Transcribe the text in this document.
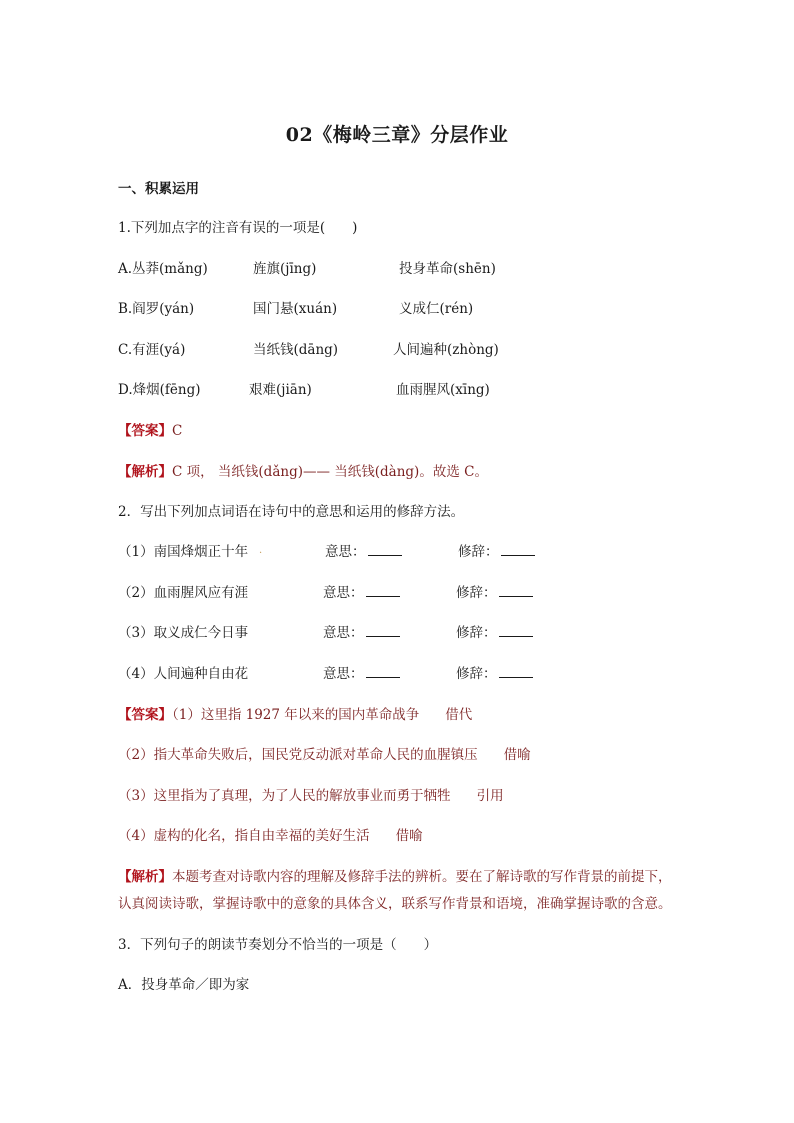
02《梅岭三章》分层作业
一、积累运用
1.下列加点字的注音有误的一项是(　　)
A.丛莽(mǎng)	旌旗(jīng)	投身革命(shēn)
B.阎罗(yán)	国门悬(xuán)	义成仁(rén)
C.有涯(yá)	当纸钱(dāng)	人间遍种(zhòng)
D.烽烟(fēng)	艰难(jiān)	血雨腥风(xīng)
【答案】C
【解析】C 项， 当纸钱(dǎng)—— 当纸钱(dàng)。故选 C。
2．写出下列加点词语在诗句中的意思和运用的修辞方法。
（1）南国烽烟正十年 ·	意思：	修辞：
（2）血雨腥风应有涯	意思：	修辞：
（3）取义成仁今日事	意思：	修辞：
（4）人间遍种自由花	意思：	修辞：
【答案】（1）这里指 1927 年以来的国内革命战争 借代
（2）指大革命失败后，国民党反动派对革命人民的血腥镇压 借喻
（3）这里指为了真理，为了人民的解放事业而勇于牺牲 引用
（4）虚构的化名，指自由幸福的美好生活 借喻
【解析】本题考查对诗歌内容的理解及修辞手法的辨析。要在了解诗歌的写作背景的前提下，
认真阅读诗歌，掌握诗歌中的意象的具体含义，联系写作背景和语境，准确掌握诗歌的含意。
3．下列句子的朗读节奏划分不恰当的一项是（　　）
A．投身革命／即为家
